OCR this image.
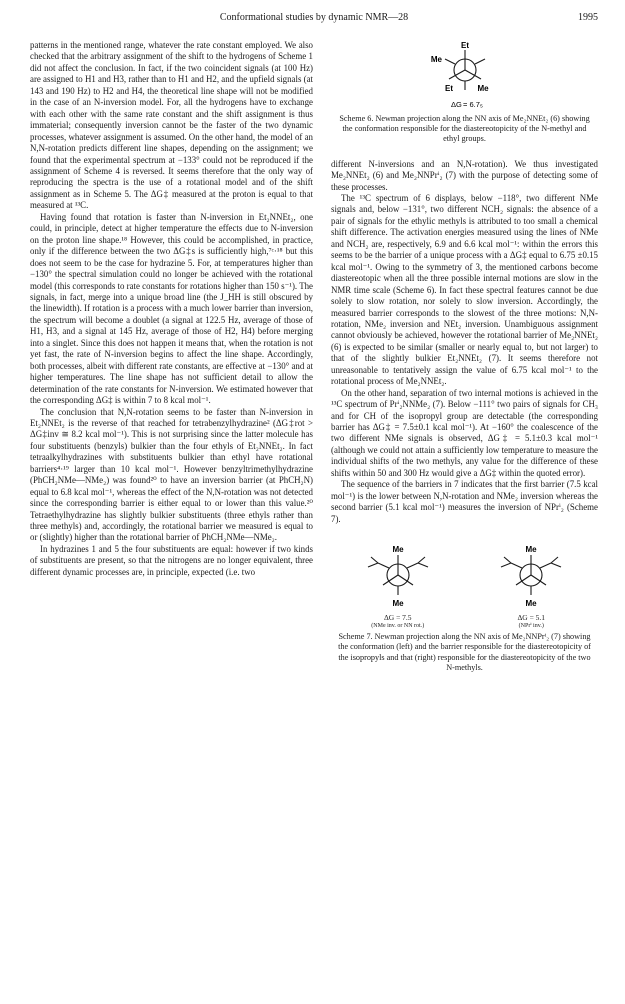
Conformational studies by dynamic NMR—28	1995

patterns in the mentioned range, whatever the rate constant employed. We also checked that the arbitrary assignment of the shift to the hydrogens of Scheme 1 did not affect the conclusion. In fact, if the two coincident signals (at 100 Hz) are assigned to H1 and H3, rather than to H1 and H2, and the upfield signals (at 143 and 190 Hz) to H2 and H4, the theoretical line shape will not be modified in the case of an N-inversion model. For, all the hydrogens have to exchange with each other with the same rate constant and the shift assignment is thus immaterial; consequently inversion cannot be the faster of the two dynamic processes, whatever assignment is assumed. On the other hand, the model of an N,N-rotation predicts different line shapes, depending on the assignment; we found that the experimental spectrum at −133° could not be reproduced if the assignment of Scheme 4 is reversed. It seems therefore that the only way of reproducing the spectra is the use of a rotational model and of the shift assignment as in Scheme 5. The ΔG‡ measured at the proton is equal to that measured at ¹³C.

Having found that rotation is faster than N-inversion in Et₂NNEt₂, one could, in principle, detect at higher temperature the effects due to N-inversion on the proton line shape.¹⁸ However, this could be accomplished, in practice, only if the difference between the two ΔG‡s is sufficiently high,⁷ᶜ·¹⁸ but this does not seem to be the case for hydrazine 5. For, at temperatures higher than −130° the spectral simulation could no longer be achieved with the rotational model (this corresponds to rate constants for rotations higher than 150 s⁻¹). The signals, in fact, merge into a unique broad line (the J_HH is still obscured by the linewidth). If rotation is a process with a much lower barrier than inversion, the spectrum will become a doublet (a signal at 122.5 Hz, average of those of H1, H3, and a signal at 145 Hz, average of those of H2, H4) before merging into a singlet. Since this does not happen it means that, when the rotation is not yet fast, the rate of N-inversion begins to affect the line shape. Accordingly, both processes, albeit with different rate constants, are effective at −130° and at higher temperatures. The line shape has not sufficient detail to allow the determination of the rate constants for N-inversion. We estimated however that the corresponding ΔG‡ is within 7 to 8 kcal mol⁻¹.

The conclusion that N,N-rotation seems to be faster than N-inversion in Et₂NNEt₂ is the reverse of that reached for tetrabenzylhydrazine² (ΔG‡rot > ΔG‡inv ≅ 8.2 kcal mol⁻¹). This is not surprising since the latter molecule has four substituents (benzyls) bulkier than the four ethyls of Et₂NNEt₂. In fact tetraalkylhydrazines with substituents bulkier than ethyl have rotational barriers⁴·¹⁹ larger than 10 kcal mol⁻¹. However benzyltrimethylhydrazine (PhCH₂NMe—NMe₂) was found²⁰ to have an inversion barrier (at PhCH₂N) equal to 6.8 kcal mol⁻¹, whereas the effect of the N,N-rotation was not detected since the corresponding barrier is either equal to or lower than this value.²⁰ Tetraethylhydrazine has slightly bulkier substituents (three ethyls rather than three methyls) and, accordingly, the rotational barrier we measured is equal to or (slightly) higher than the rotational barrier of PhCH₂NMe—NMe₂.

In hydrazines 1 and 5 the four substituents are equal: however if two kinds of substituents are present, so that the nitrogens are no longer equivalent, three different dynamic processes are, in principle, expected (i.e. two

Et
Me
Et	Me
ΔG = 6.7₅
Scheme 6. Newman projection along the NN axis of Me₂NNEt₂ (6) showing the conformation responsible for the diastereotopicity of the N-methyl and ethyl groups.

different N-inversions and an N,N-rotation). We thus investigated Me₂NNEt₂ (6) and Me₂NNPrⁱ₂ (7) with the purpose of detecting some of these processes.

The ¹³C spectrum of 6 displays, below −118°, two different NMe signals and, below −131°, two different NCH₂ signals: the absence of a pair of signals for the ethylic methyls is attributed to too small a chemical shift difference. The activation energies measured using the lines of NMe and NCH₂ are, respectively, 6.9 and 6.6 kcal mol⁻¹: within the errors this seems to be the barrier of a unique process with a ΔG‡ equal to 6.75 ±0.15 kcal mol⁻¹. Owing to the symmetry of 3, the mentioned carbons become diastereotopic when all the three possible internal motions are slow in the NMR time scale (Scheme 6). In fact these spectral features cannot be due solely to slow rotation, nor solely to slow inversion. Accordingly, the measured barrier corresponds to the slowest of the three motions: N,N-rotation, NMe₂ inversion and NEt₂ inversion. Unambiguous assignment cannot obviously be achieved, however the rotational barrier of Me₂NNEt₂ (6) is expected to be similar (smaller or nearly equal to, but not larger) to that of the slightly bulkier Et₂NNEt₂ (7). It seems therefore not unreasonable to tentatively assign the value of 6.75 kcal mol⁻¹ to the rotational process of Me₂NNEt₂.

On the other hand, separation of two internal motions is achieved in the ¹³C spectrum of Prⁱ₂NNMe₂ (7). Below −111° two pairs of signals for CH₃ and for CH of the isopropyl group are detectable (the corresponding barrier has ΔG‡ = 7.5±0.1 kcal mol⁻¹). At −160° the coalescence of the two different NMe signals is observed, ΔG‡ = 5.1±0.3 kcal mol⁻¹ (although we could not attain a sufficiently low temperature to measure the individual shifts of the two methyls, any value for the difference of these shifts within 50 and 300 Hz would give a ΔG‡ within the quoted error).

The sequence of the barriers in 7 indicates that the first barrier (7.5 kcal mol⁻¹) is the lower between N,N-rotation and NMe₂ inversion whereas the second barrier (5.1 kcal mol⁻¹) measures the inversion of NPrⁱ₂ (Scheme 7).

Me
Me
ΔG = 7.5
(NMe inv. or NN rot.)
Me
Me
ΔG = 5.1
(NPrⁱ inv.)
Scheme 7. Newman projection along the NN axis of Me₂NNPrⁱ₂ (7) showing the conformation (left) and the barrier responsible for the diastereotopicity of the isopropyls and that (right) responsible for the diastereotopicity of the two N-methyls.
